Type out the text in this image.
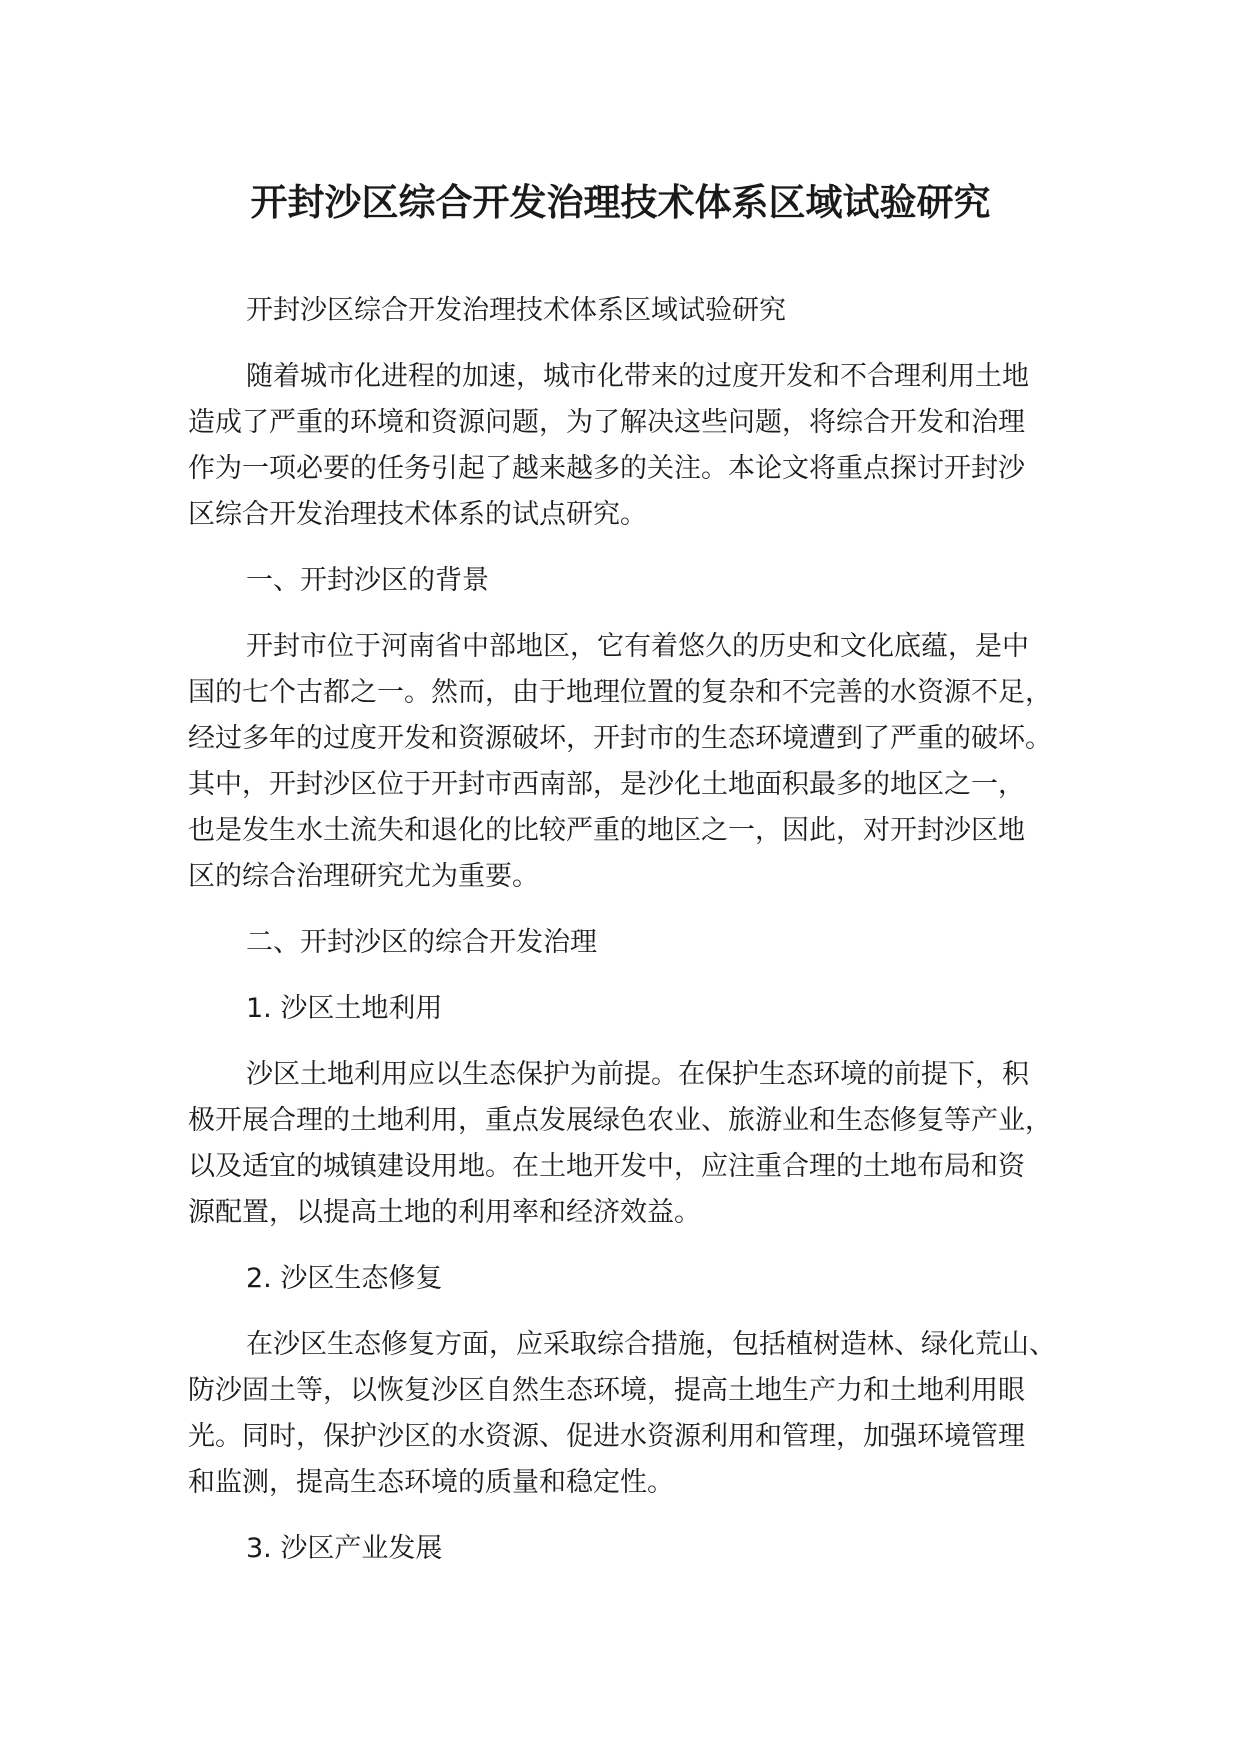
开封沙区综合开发治理技术体系区域试验研究
开封沙区综合开发治理技术体系区域试验研究
随着城市化进程的加速，城市化带来的过度开发和不合理利用土地
造成了严重的环境和资源问题，为了解决这些问题，将综合开发和治理
作为一项必要的任务引起了越来越多的关注。本论文将重点探讨开封沙
区综合开发治理技术体系的试点研究。
一、开封沙区的背景
开封市位于河南省中部地区，它有着悠久的历史和文化底蕴，是中
国的七个古都之一。然而，由于地理位置的复杂和不完善的水资源不足，
经过多年的过度开发和资源破坏，开封市的生态环境遭到了严重的破坏。
其中，开封沙区位于开封市西南部，是沙化土地面积最多的地区之一，
也是发生水土流失和退化的比较严重的地区之一，因此，对开封沙区地
区的综合治理研究尤为重要。
二、开封沙区的综合开发治理
1. 沙区土地利用
沙区土地利用应以生态保护为前提。在保护生态环境的前提下，积
极开展合理的土地利用，重点发展绿色农业、旅游业和生态修复等产业，
以及适宜的城镇建设用地。在土地开发中，应注重合理的土地布局和资
源配置，以提高土地的利用率和经济效益。
2. 沙区生态修复
在沙区生态修复方面，应采取综合措施，包括植树造林、绿化荒山、
防沙固土等，以恢复沙区自然生态环境，提高土地生产力和土地利用眼
光。同时，保护沙区的水资源、促进水资源利用和管理，加强环境管理
和监测，提高生态环境的质量和稳定性。
3. 沙区产业发展
